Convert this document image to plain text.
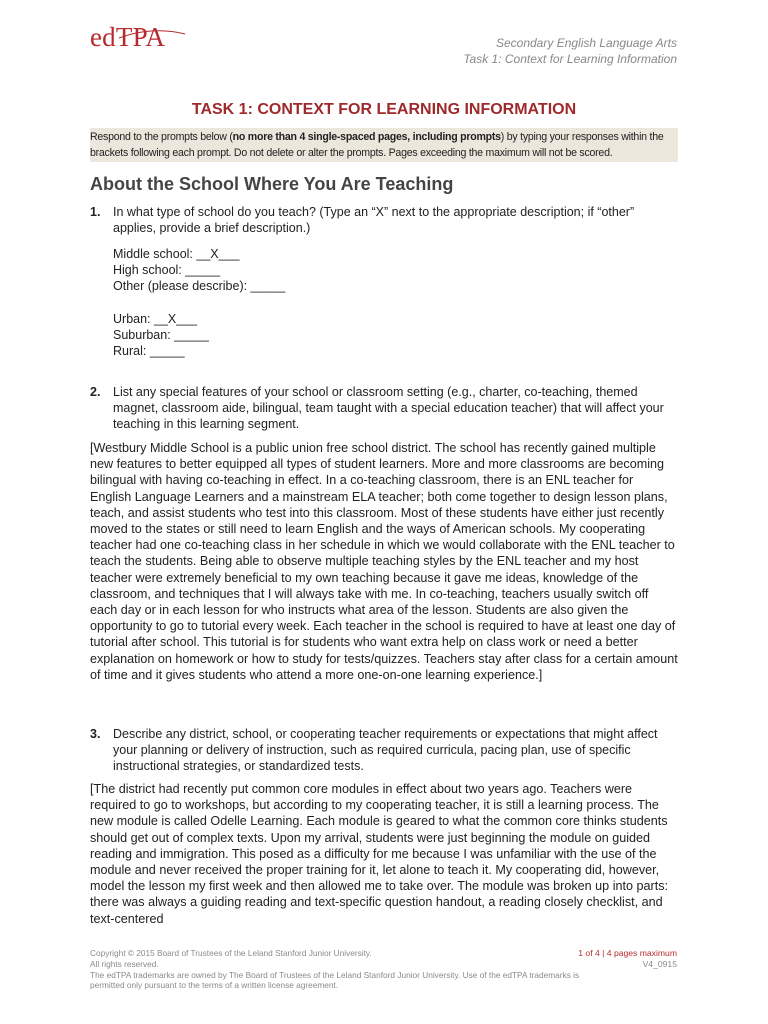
edTPA	Secondary English Language Arts
Task 1: Context for Learning Information
TASK 1: CONTEXT FOR LEARNING INFORMATION
Respond to the prompts below (no more than 4 single-spaced pages, including prompts) by typing your responses within the brackets following each prompt. Do not delete or alter the prompts. Pages exceeding the maximum will not be scored.
About the School Where You Are Teaching
1. In what type of school do you teach? (Type an “X” next to the appropriate description; if “other” applies, provide a brief description.)
Middle school: __X___
High school: _____
Other (please describe): _____
Urban: __X___
Suburban: _____
Rural: _____
2. List any special features of your school or classroom setting (e.g., charter, co-teaching, themed magnet, classroom aide, bilingual, team taught with a special education teacher) that will affect your teaching in this learning segment.
[Westbury Middle School is a public union free school district. The school has recently gained multiple new features to better equipped all types of student learners. More and more classrooms are becoming bilingual with having co-teaching in effect. In a co-teaching classroom, there is an ENL teacher for English Language Learners and a mainstream ELA teacher; both come together to design lesson plans, teach, and assist students who test into this classroom. Most of these students have either just recently moved to the states or still need to learn English and the ways of American schools. My cooperating teacher had one co-teaching class in her schedule in which we would collaborate with the ENL teacher to teach the students. Being able to observe multiple teaching styles by the ENL teacher and my host teacher were extremely beneficial to my own teaching because it gave me ideas, knowledge of the classroom, and techniques that I will always take with me. In co-teaching, teachers usually switch off each day or in each lesson for who instructs what area of the lesson. Students are also given the opportunity to go to tutorial every week. Each teacher in the school is required to have at least one day of tutorial after school. This tutorial is for students who want extra help on class work or need a better explanation on homework or how to study for tests/quizzes. Teachers stay after class for a certain amount of time and it gives students who attend a more one-on-one learning experience.]
3. Describe any district, school, or cooperating teacher requirements or expectations that might affect your planning or delivery of instruction, such as required curricula, pacing plan, use of specific instructional strategies, or standardized tests.
[The district had recently put common core modules in effect about two years ago. Teachers were required to go to workshops, but according to my cooperating teacher, it is still a learning process. The new module is called Odelle Learning. Each module is geared to what the common core thinks students should get out of complex texts. Upon my arrival, students were just beginning the module on guided reading and immigration. This posed as a difficulty for me because I was unfamiliar with the use of the module and never received the proper training for it, let alone to teach it. My cooperating did, however, model the lesson my first week and then allowed me to take over. The module was broken up into parts: there was always a guiding reading and text-specific question handout, a reading closely checklist, and text-centered
Copyright © 2015 Board of Trustees of the Leland Stanford Junior University.
All rights reserved.
The edTPA trademarks are owned by The Board of Trustees of the Leland Stanford Junior University. Use of the edTPA trademarks is permitted only pursuant to the terms of a written license agreement.
1 of 4 | 4 pages maximum
V4_0915
